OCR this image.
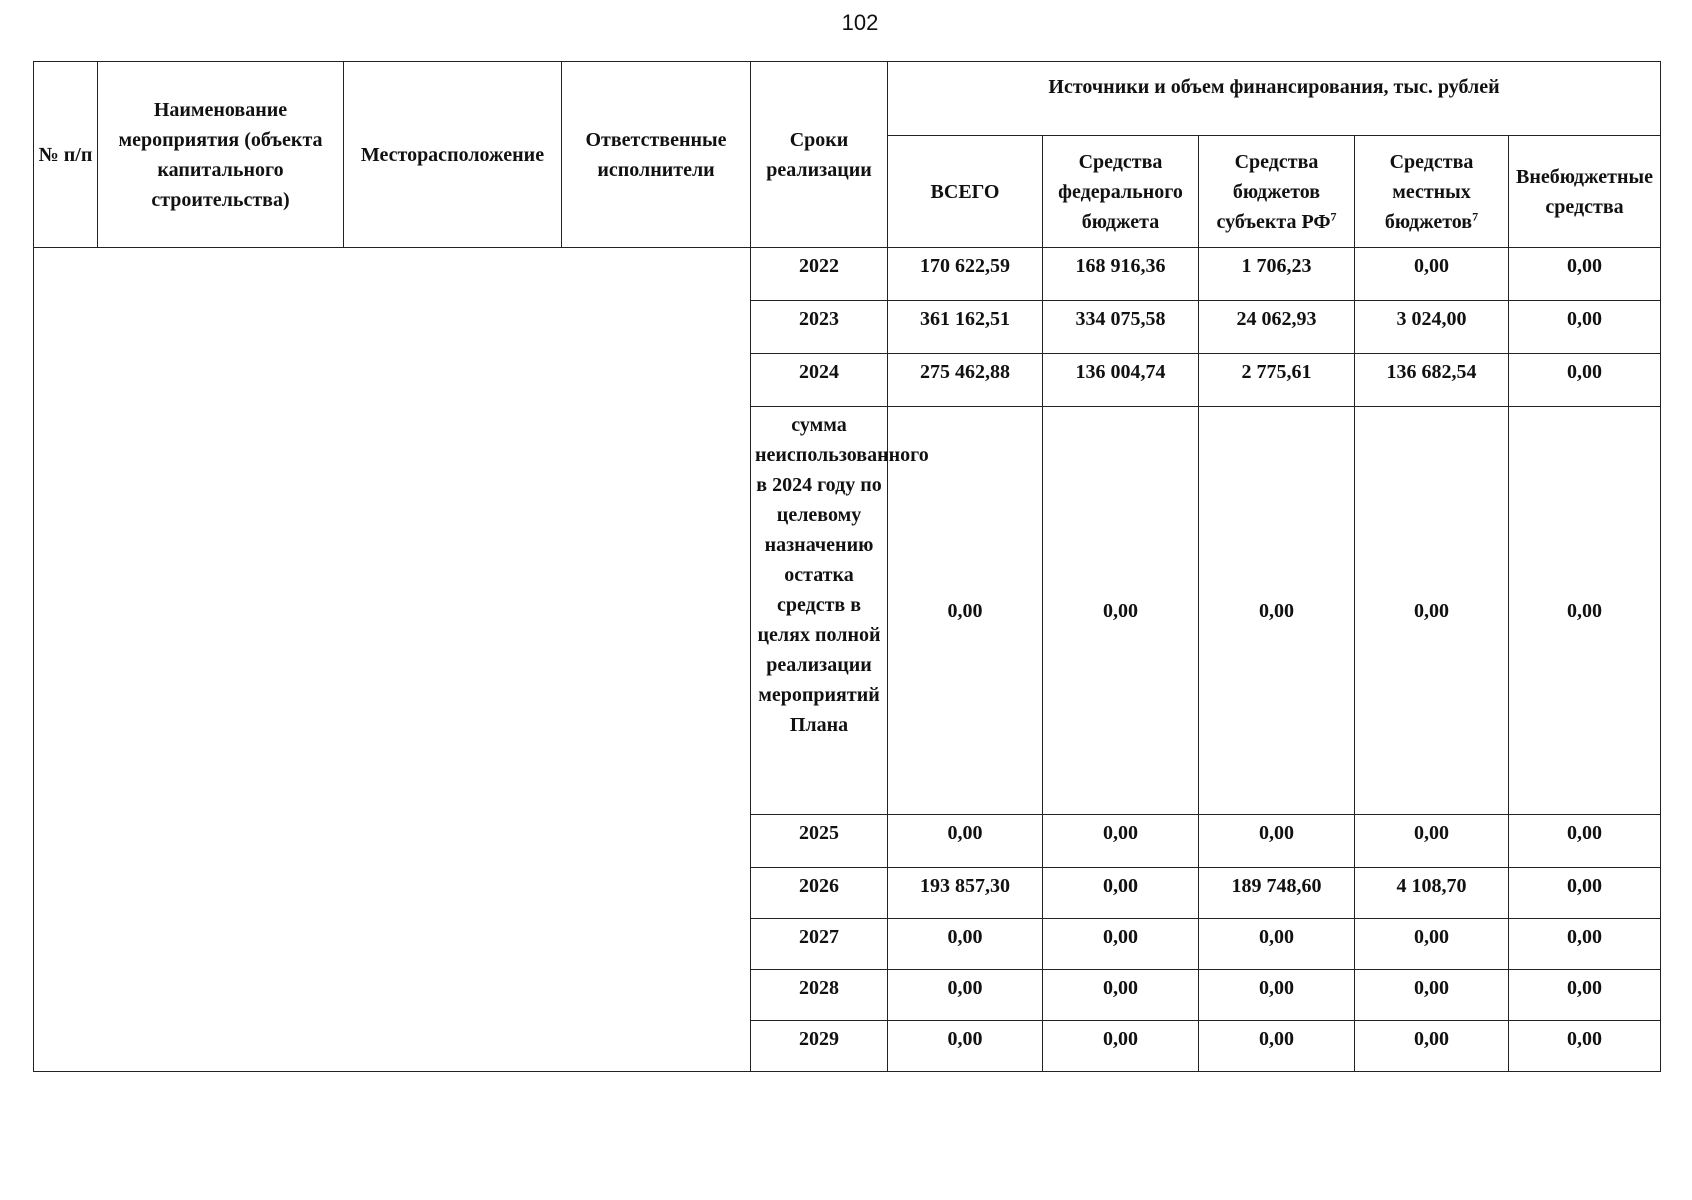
102
№ п/п	Наименование мероприятия (объекта капитального строительства)	Месторасположение	Ответственные исполнители	Сроки реализации	Источники и объем финансирования, тыс. рублей				
					ВСЕГО	Средства федерального бюджета	Средства бюджетов субъекта $РФ^7$	Средства местных бюджетов$^7$	Внебюджетные средства
				2022	170 622,59	168 916,36	1 706,23	0,00	0,00
				2023	361 162,51	334 075,58	24 062,93	3 024,00	0,00
				2024	275 462,88	136 004,74	2 775,61	136 682,54	0,00
				сумма неиспользованного в 2024 году по целевому назначению остатка средств в целях полной реализации мероприятий Плана	0,00	0,00	0,00	0,00	0,00
				2025	0,00	0,00	0,00	0,00	0,00
				2026	193 857,30	0,00	189 748,60	4 108,70	0,00
				2027	0,00	0,00	0,00	0,00	0,00
				2028	0,00	0,00	0,00	0,00	0,00
				2029	0,00	0,00	0,00	0,00	0,00
